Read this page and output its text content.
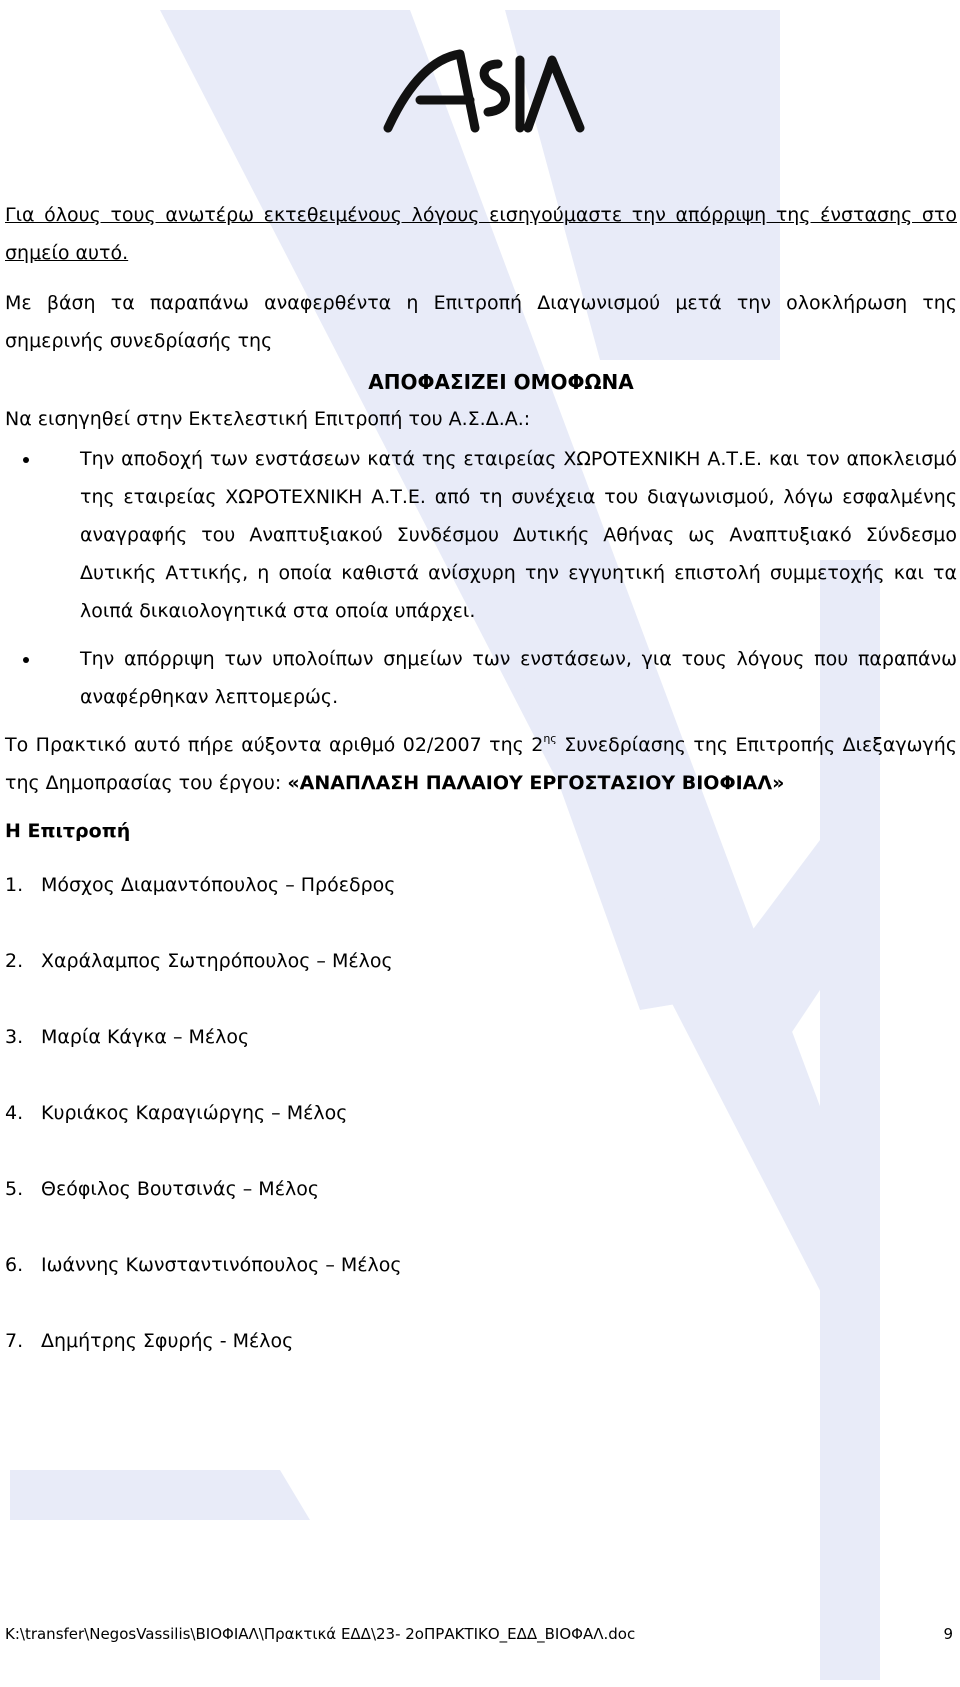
Για όλους τους ανωτέρω εκτεθειμένους λόγους εισηγούμαστε την απόρριψη της ένστασης στο σημείο αυτό.

Με βάση τα παραπάνω αναφερθέντα η Επιτροπή Διαγωνισμού μετά την ολοκλήρωση της σημερινής συνεδρίασής της

ΑΠΟΦΑΣΙΖΕΙ ΟΜΟΦΩΝΑ

Να εισηγηθεί στην Εκτελεστική Επιτροπή του Α.Σ.Δ.Α.:

Την αποδοχή των ενστάσεων κατά της εταιρείας ΧΩΡΟΤΕΧΝΙΚΗ Α.Τ.Ε. και τον αποκλεισμό της εταιρείας ΧΩΡΟΤΕΧΝΙΚΗ Α.Τ.Ε. από τη συνέχεια του διαγωνισμού, λόγω εσφαλμένης αναγραφής του Αναπτυξιακού Συνδέσμου Δυτικής Αθήνας ως Αναπτυξιακό Σύνδεσμο Δυτικής Αττικής, η οποία καθιστά ανίσχυρη την εγγυητική επιστολή συμμετοχής και τα λοιπά δικαιολογητικά στα οποία υπάρχει.
Την απόρριψη των υπολοίπων σημείων των ενστάσεων, για τους λόγους που παραπάνω αναφέρθηκαν λεπτομερώς.

Το Πρακτικό αυτό πήρε αύξοντα αριθμό 02/2007 της $2^{\eta\varsigma}$ Συνεδρίασης της Επιτροπής Διεξαγωγής της Δημοπρασίας του έργου: «ΑΝΑΠΛΑΣΗ ΠΑΛΑΙΟΥ ΕΡΓΟΣΤΑΣΙΟΥ ΒΙΟΦΙΑΛ»

Η Επιτροπή
1. Μόσχος Διαμαντόπουλος – Πρόεδρος
2. Χαράλαμπος Σωτηρόπουλος – Μέλος
3. Μαρία Κάγκα – Μέλος
4. Κυριάκος Καραγιώργης – Μέλος
5. Θεόφιλος Βουτσινάς – Μέλος
6. Ιωάννης Κωνσταντινόπουλος – Μέλος
7. Δημήτρης Σφυρής - Μέλος
K:\transfer\NegosVassilis\ΒΙΟΦΙΑΛ\Πρακτικά ΕΔΔ\23- 2οΠΡΑΚΤΙΚΟ_ΕΔΔ_ΒΙΟΦΑΛ.doc	9
